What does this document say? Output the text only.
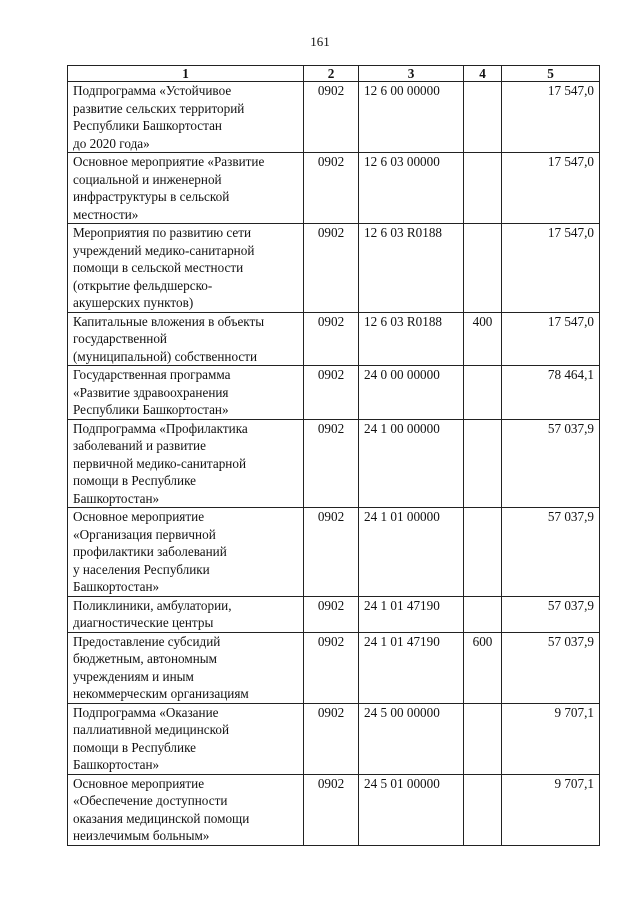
161
1	2	3	4	5

Подпрограмма «Устойчивое
развитие сельских территорий
Республики Башкортостан
до 2020 года»	0902	12 6 00 00000		17 547,0

Основное мероприятие «Развитие
социальной и инженерной
инфраструктуры в сельской
местности»	0902	12 6 03 00000		17 547,0

Мероприятия по развитию сети
учреждений медико-санитарной
помощи в сельской местности
(открытие фельдшерско-
акушерских пунктов)	0902	12 6 03 R0188		17 547,0

Капитальные вложения в объекты
государственной
(муниципальной) собственности	0902	12 6 03 R0188	400	17 547,0

Государственная программа
«Развитие здравоохранения
Республики Башкортостан»	0902	24 0 00 00000		78 464,1

Подпрограмма «Профилактика
заболеваний и развитие
первичной медико-санитарной
помощи в Республике
Башкортостан»	0902	24 1 00 00000		57 037,9

Основное мероприятие
«Организация первичной
профилактики заболеваний
у населения Республики
Башкортостан»	0902	24 1 01 00000		57 037,9

Поликлиники, амбулатории,
диагностические центры	0902	24 1 01 47190		57 037,9

Предоставление субсидий
бюджетным, автономным
учреждениям и иным
некоммерческим организациям	0902	24 1 01 47190	600	57 037,9

Подпрограмма «Оказание
паллиативной медицинской
помощи в Республике
Башкортостан»	0902	24 5 00 00000		9 707,1

Основное мероприятие
«Обеспечение доступности
оказания медицинской помощи
неизлечимым больным»	0902	24 5 01 00000		9 707,1
